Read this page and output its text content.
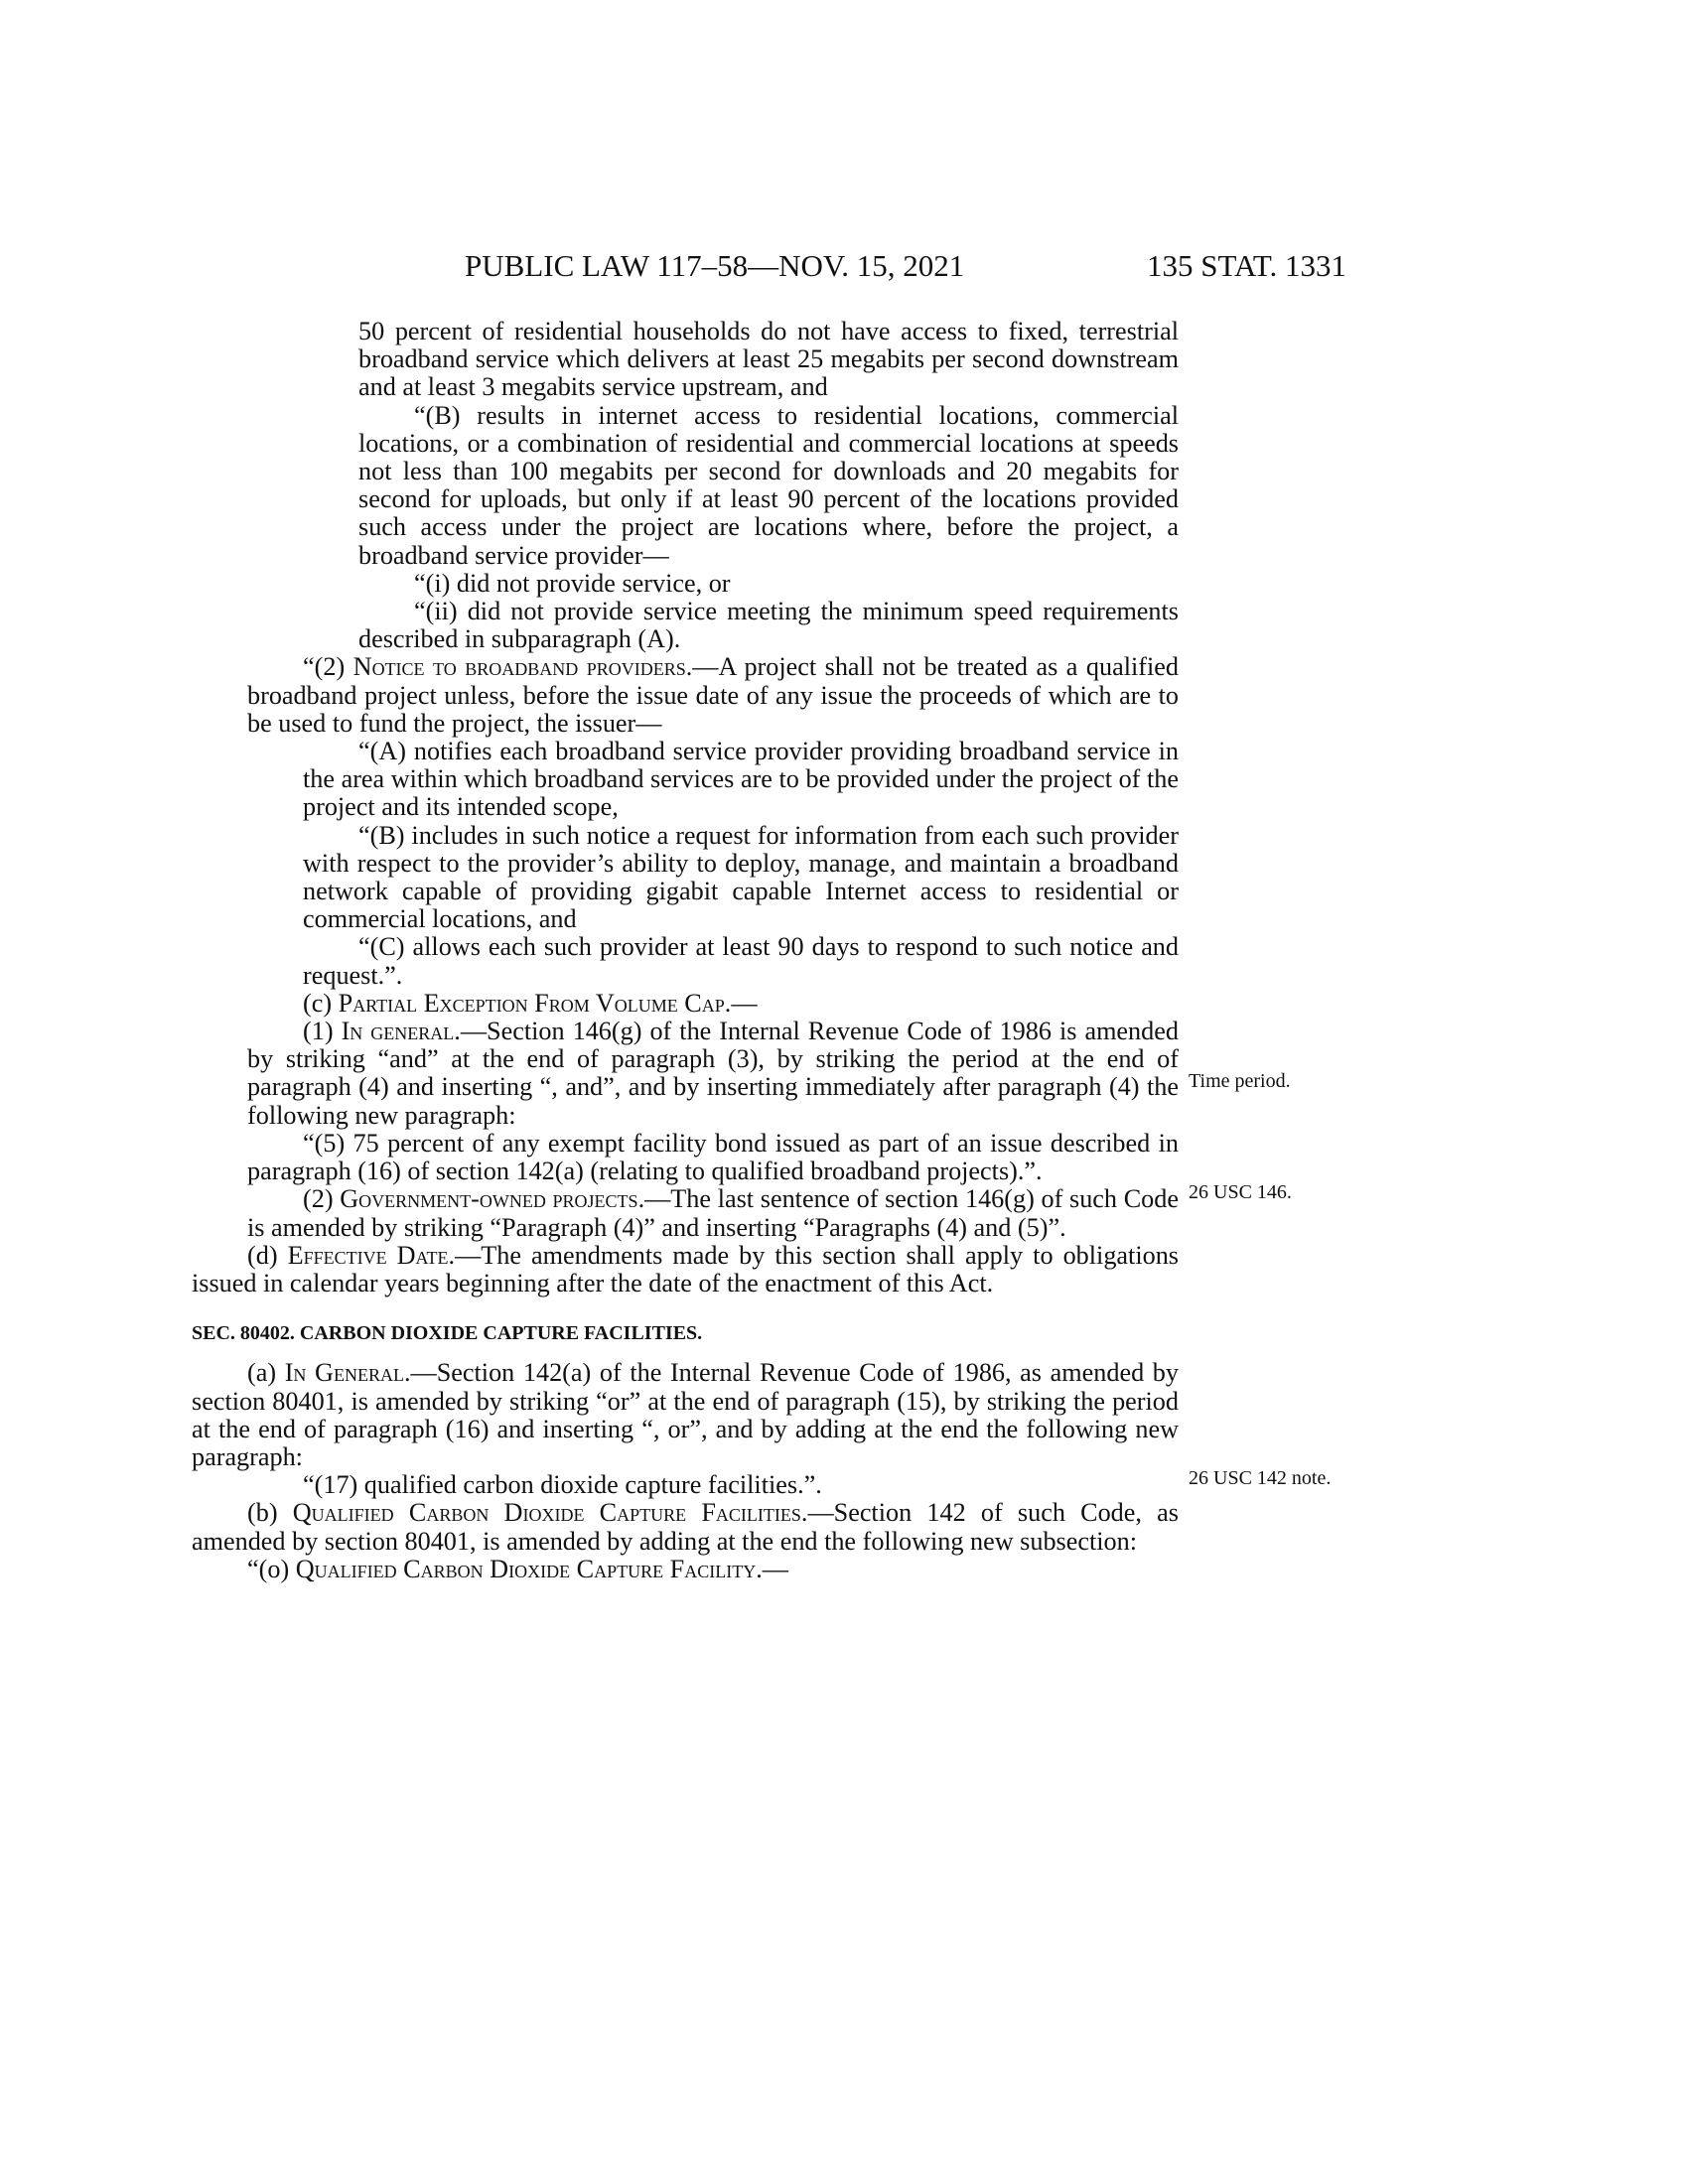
PUBLIC LAW 117–58—NOV. 15, 2021	135 STAT. 1331

50 percent of residential households do not have access to fixed, terrestrial broadband service which delivers at least 25 megabits per second downstream and at least 3 megabits service upstream, and

“(B) results in internet access to residential locations, commercial locations, or a combination of residential and commercial locations at speeds not less than 100 megabits per second for downloads and 20 megabits for second for uploads, but only if at least 90 percent of the locations provided such access under the project are locations where, before the project, a broadband service provider—

“(i) did not provide service, or

“(ii) did not provide service meeting the minimum speed requirements described in subparagraph (A).

“(2) Notice to broadband providers.—A project shall not be treated as a qualified broadband project unless, before the issue date of any issue the proceeds of which are to be used to fund the project, the issuer—

“(A) notifies each broadband service provider providing broadband service in the area within which broadband services are to be provided under the project of the project and its intended scope,

“(B) includes in such notice a request for information from each such provider with respect to the provider’s ability to deploy, manage, and maintain a broadband network capable of providing gigabit capable Internet access to residential or commercial locations, and

“(C) allows each such provider at least 90 days to respond to such notice and request.”.

(c) Partial Exception From Volume Cap.—

(1) In general.—Section 146(g) of the Internal Revenue Code of 1986 is amended by striking “and” at the end of paragraph (3), by striking the period at the end of paragraph (4) and inserting “, and”, and by inserting immediately after paragraph (4) the following new paragraph:

“(5) 75 percent of any exempt facility bond issued as part of an issue described in paragraph (16) of section 142(a) (relating to qualified broadband projects).”.

(2) Government-owned projects.—The last sentence of section 146(g) of such Code is amended by striking “Paragraph (4)” and inserting “Paragraphs (4) and (5)”.

(d) Effective Date.—The amendments made by this section shall apply to obligations issued in calendar years beginning after the date of the enactment of this Act.

SEC. 80402. CARBON DIOXIDE CAPTURE FACILITIES.

(a) In General.—Section 142(a) of the Internal Revenue Code of 1986, as amended by section 80401, is amended by striking “or” at the end of paragraph (15), by striking the period at the end of paragraph (16) and inserting “, or”, and by adding at the end the following new paragraph:

“(17) qualified carbon dioxide capture facilities.”.

(b) Qualified Carbon Dioxide Capture Facilities.—Section 142 of such Code, as amended by section 80401, is amended by adding at the end the following new subsection:

“(o) Qualified Carbon Dioxide Capture Facility.—

Time period.
26 USC 146.
26 USC 142 note.
